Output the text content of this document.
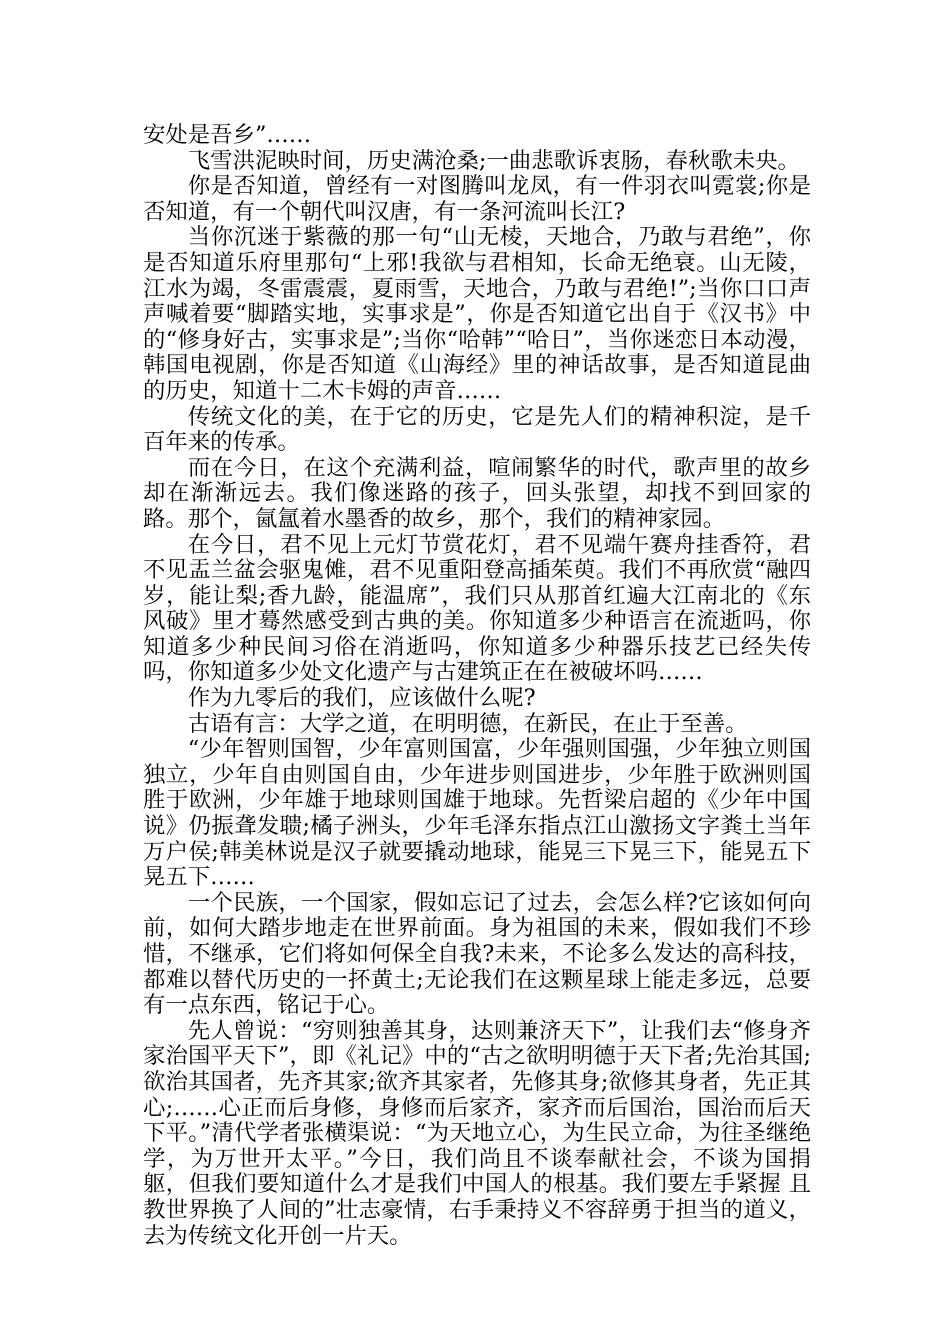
安处是吾乡”……

飞雪洪泥映时间，历史满沧桑;一曲悲歌诉衷肠，春秋歌未央。

你是否知道，曾经有一对图腾叫龙凤，有一件羽衣叫霓裳;你是否知道，有一个朝代叫汉唐，有一条河流叫长江?

当你沉迷于紫薇的那一句“山无棱，天地合，乃敢与君绝”，你是否知道乐府里那句“上邪!我欲与君相知，长命无绝衰。山无陵，江水为竭，冬雷震震，夏雨雪，天地合，乃敢与君绝!”;当你口口声声喊着要“脚踏实地，实事求是”，你是否知道它出自于《汉书》中的“修身好古，实事求是”;当你“哈韩”“哈日”，当你迷恋日本动漫，韩国电视剧，你是否知道《山海经》里的神话故事，是否知道昆曲的历史，知道十二木卡姆的声音……

传统文化的美，在于它的历史，它是先人们的精神积淀，是千百年来的传承。

而在今日，在这个充满利益，喧闹繁华的时代，歌声里的故乡却在渐渐远去。我们像迷路的孩子，回头张望，却找不到回家的路。那个，氤氲着水墨香的故乡，那个，我们的精神家园。

在今日，君不见上元灯节赏花灯，君不见端午赛舟挂香符，君不见盂兰盆会驱鬼傩，君不见重阳登高插茱萸。我们不再欣赏“融四岁，能让梨;香九龄，能温席”，我们只从那首红遍大江南北的《东风破》里才蓦然感受到古典的美。你知道多少种语言在流逝吗，你知道多少种民间习俗在消逝吗，你知道多少种器乐技艺已经失传吗，你知道多少处文化遗产与古建筑正在在被破坏吗……

作为九零后的我们，应该做什么呢?

古语有言：大学之道，在明明德，在新民，在止于至善。

“少年智则国智，少年富则国富，少年强则国强，少年独立则国独立，少年自由则国自由，少年进步则国进步，少年胜于欧洲则国胜于欧洲，少年雄于地球则国雄于地球。先哲梁启超的《少年中国说》仍振聋发聩;橘子洲头，少年毛泽东指点江山激扬文字粪土当年万户侯;韩美林说是汉子就要撬动地球，能晃三下晃三下，能晃五下晃五下……

一个民族，一个国家，假如忘记了过去，会怎么样?它该如何向前，如何大踏步地走在世界前面。身为祖国的未来，假如我们不珍惜，不继承，它们将如何保全自我?未来，不论多么发达的高科技，都难以替代历史的一抔黄土;无论我们在这颗星球上能走多远，总要有一点东西，铭记于心。

先人曾说：“穷则独善其身，达则兼济天下”，让我们去“修身齐家治国平天下”，即《礼记》中的“古之欲明明德于天下者;先治其国;欲治其国者，先齐其家;欲齐其家者，先修其身;欲修其身者，先正其心;……心正而后身修，身修而后家齐，家齐而后国治，国治而后天下平。”清代学者张横渠说：“为天地立心，为生民立命，为往圣继绝学，为万世开太平。”今日，我们尚且不谈奉献社会，不谈为国捐躯，但我们要知道什么才是我们中国人的根基。我们要左手紧握 且教世界换了人间的”壮志豪情，右手秉持义不容辞勇于担当的道义，去为传统文化开创一片天。
